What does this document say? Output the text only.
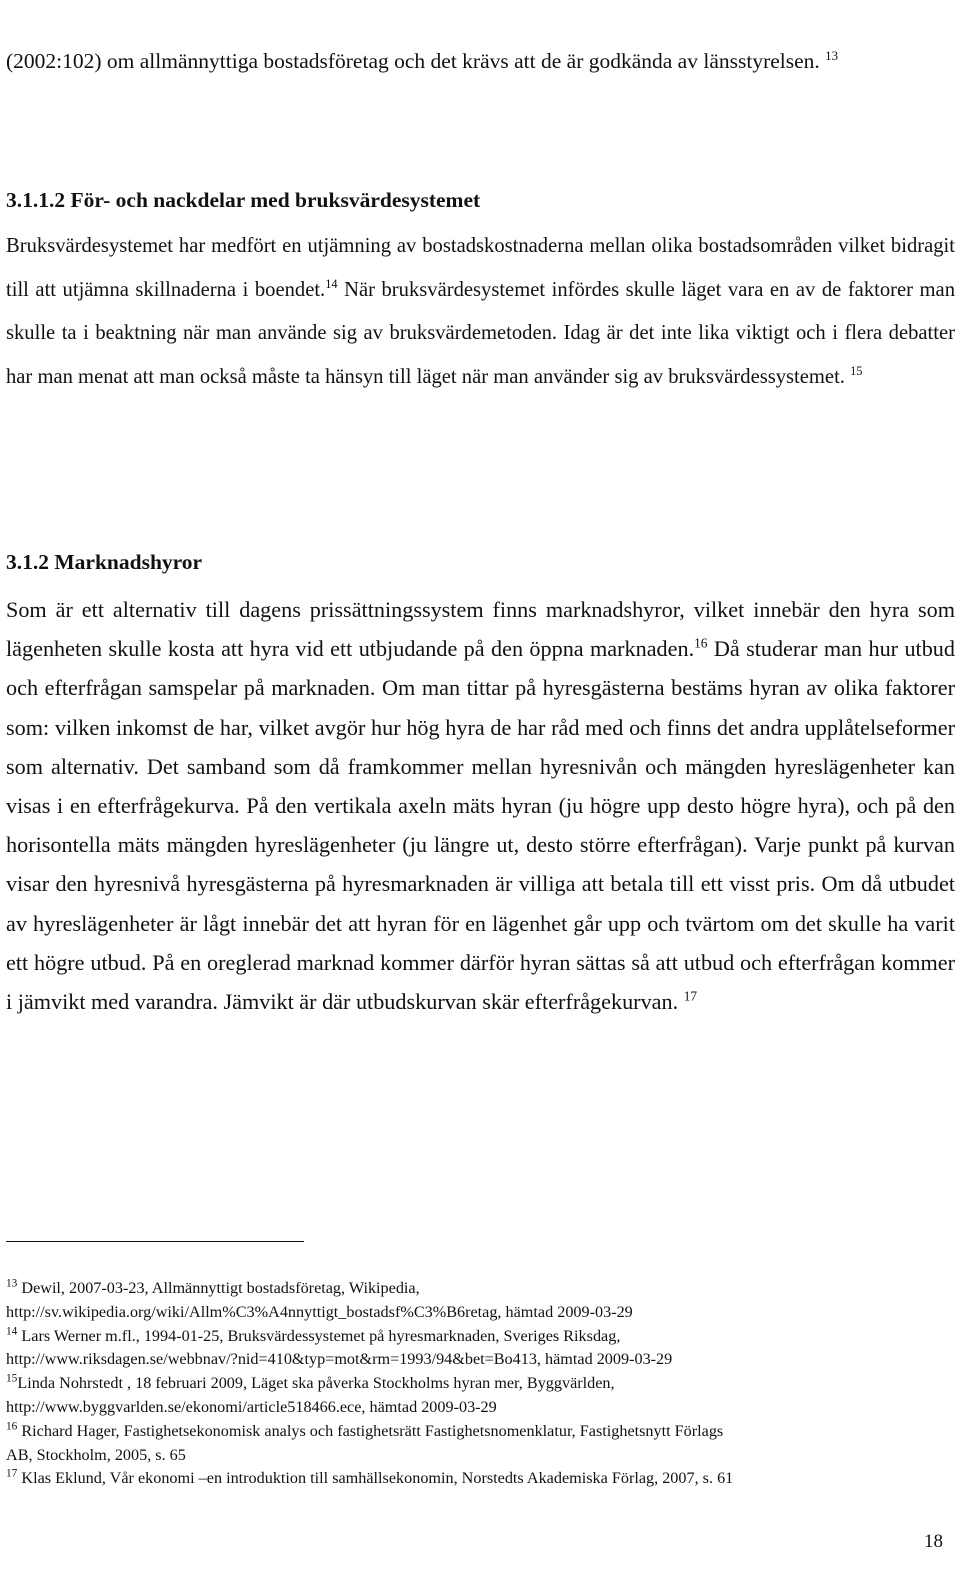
(2002:102) om allmännyttiga bostadsföretag och det krävs att de är godkända av länsstyrelsen. $^{13}$

3.1.1.2 För- och nackdelar med bruksvärdesystemet

Bruksvärdesystemet har medfört en utjämning av bostadskostnaderna mellan olika bostadsområden vilket bidragit till att utjämna skillnaderna i boendet.$^{14}$ När bruksvärdesystemet infördes skulle läget vara en av de faktorer man skulle ta i beaktning när man använde sig av bruksvärdemetoden. Idag är det inte lika viktigt och i flera debatter har man menat att man också måste ta hänsyn till läget när man använder sig av bruksvärdessystemet. $^{15}$

3.1.2 Marknadshyror

Som är ett alternativ till dagens prissättningssystem finns marknadshyror, vilket innebär den hyra som lägenheten skulle kosta att hyra vid ett utbjudande på den öppna marknaden.$^{16}$ Då studerar man hur utbud och efterfrågan samspelar på marknaden. Om man tittar på hyresgästerna bestäms hyran av olika faktorer som: vilken inkomst de har, vilket avgör hur hög hyra de har råd med och finns det andra upplåtelseformer som alternativ. Det samband som då framkommer mellan hyresnivån och mängden hyreslägenheter kan visas i en efterfrågekurva. På den vertikala axeln mäts hyran (ju högre upp desto högre hyra), och på den horisontella mäts mängden hyreslägenheter (ju längre ut, desto större efterfrågan). Varje punkt på kurvan visar den hyresnivå hyresgästerna på hyresmarknaden är villiga att betala till ett visst pris. Om då utbudet av hyreslägenheter är lågt innebär det att hyran för en lägenhet går upp och tvärtom om det skulle ha varit ett högre utbud. På en oreglerad marknad kommer därför hyran sättas så att utbud och efterfrågan kommer i jämvikt med varandra. Jämvikt är där utbudskurvan skär efterfrågekurvan. $^{17}$

$^{13}$ Dewil, 2007-03-23, Allmännyttigt bostadsföretag, Wikipedia,
http://sv.wikipedia.org/wiki/Allm%C3%A4nnyttigt_bostadsf%C3%B6retag, hämtad 2009-03-29
$^{14}$ Lars Werner m.fl., 1994-01-25, Bruksvärdessystemet på hyresmarknaden, Sveriges Riksdag,
http://www.riksdagen.se/webbnav/?nid=410&typ=mot&rm=1993/94&bet=Bo413, hämtad 2009-03-29
$^{15}$Linda Nohrstedt , 18 februari 2009, Läget ska påverka Stockholms hyran mer, Byggvärlden,
http://www.byggvarlden.se/ekonomi/article518466.ece, hämtad 2009-03-29
$^{16}$ Richard Hager, Fastighetsekonomisk analys och fastighetsrätt Fastighetsnomenklatur, Fastighetsnytt Förlags
AB, Stockholm, 2005, s. 65
$^{17}$ Klas Eklund, Vår ekonomi –en introduktion till samhällsekonomin, Norstedts Akademiska Förlag, 2007, s. 61
18
